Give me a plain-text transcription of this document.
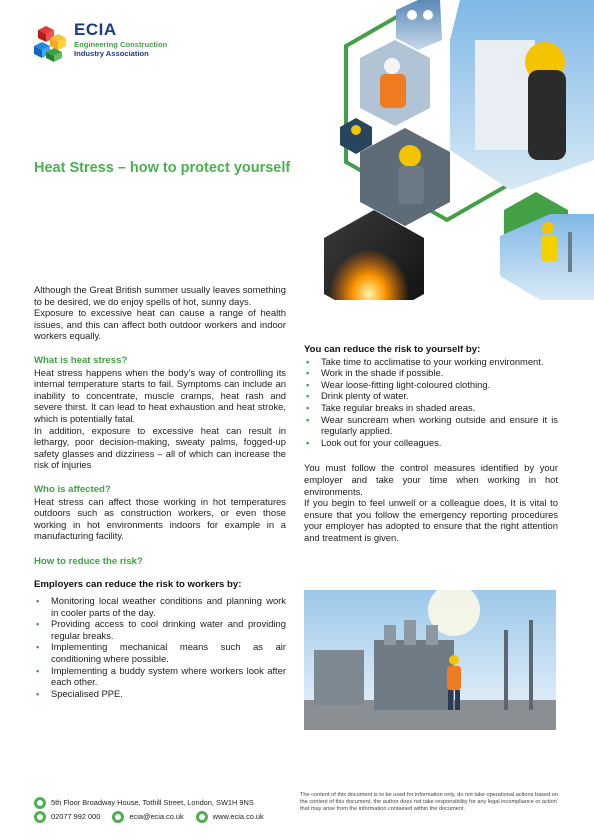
ECIA
Engineering Construction
Industry Association
Heat Stress – how to protect yourself

Although the Great British summer usually leaves something to be desired, we do enjoy spells of hot, sunny days.

Exposure to excessive heat can cause a range of health issues, and this can affect both outdoor workers and indoor workers equally.

What is heat stress?

Heat stress happens when the body’s way of controlling its internal temperature starts to fail. Symptoms can include an inability to concentrate, muscle cramps, heat rash and severe thirst. It can lead to heat exhaustion and heat stroke, which is potentially fatal.

In addition, exposure to excessive heat can result in lethargy, poor decision-making, sweaty palms, fogged-up safety glasses and dizziness – all of which can increase the risk of injuries

Who is affected?

Heat stress can affect those working in hot temperatures outdoors such as construction workers, or even those working in hot environments indoors for example in a manufacturing facility.

How to reduce the risk?

Employers can reduce the risk to workers by:

• Monitoring local weather conditions and planning work in cooler parts of the day.
• Providing access to cool drinking water and providing regular breaks.
• Implementing mechanical means such as air conditioning where possible.
• Implementing a buddy system where workers look after each other.
• Specialised PPE.

You can reduce the risk to yourself by:

• Take time to acclimatise to your working environment.
• Work in the shade if possible.
• Wear loose-fitting light-coloured clothing.
• Drink plenty of water.
• Take regular breaks in shaded areas.
• Wear suncream when working outside and ensure it is regularly applied.
• Look out for your colleagues.

You must follow the control measures identified by your employer and take your time when working in hot environments.

If you begin to feel unwell or a colleague does, It is vital to ensure that you follow the emergency reporting procedures your employer has adopted to ensure that the right attention and treatment is given.

5th Floor Broadway House, Tothill Street, London, SW1H 9NS
02077 992 000	ecia@ecia.co.uk	www.ecia.co.uk
The content of this document is to be used for information only, do not take operational actions based on the content of this document, the author does not take responsibility for any legal incompliance or action that may arise from the information contained within the document.
